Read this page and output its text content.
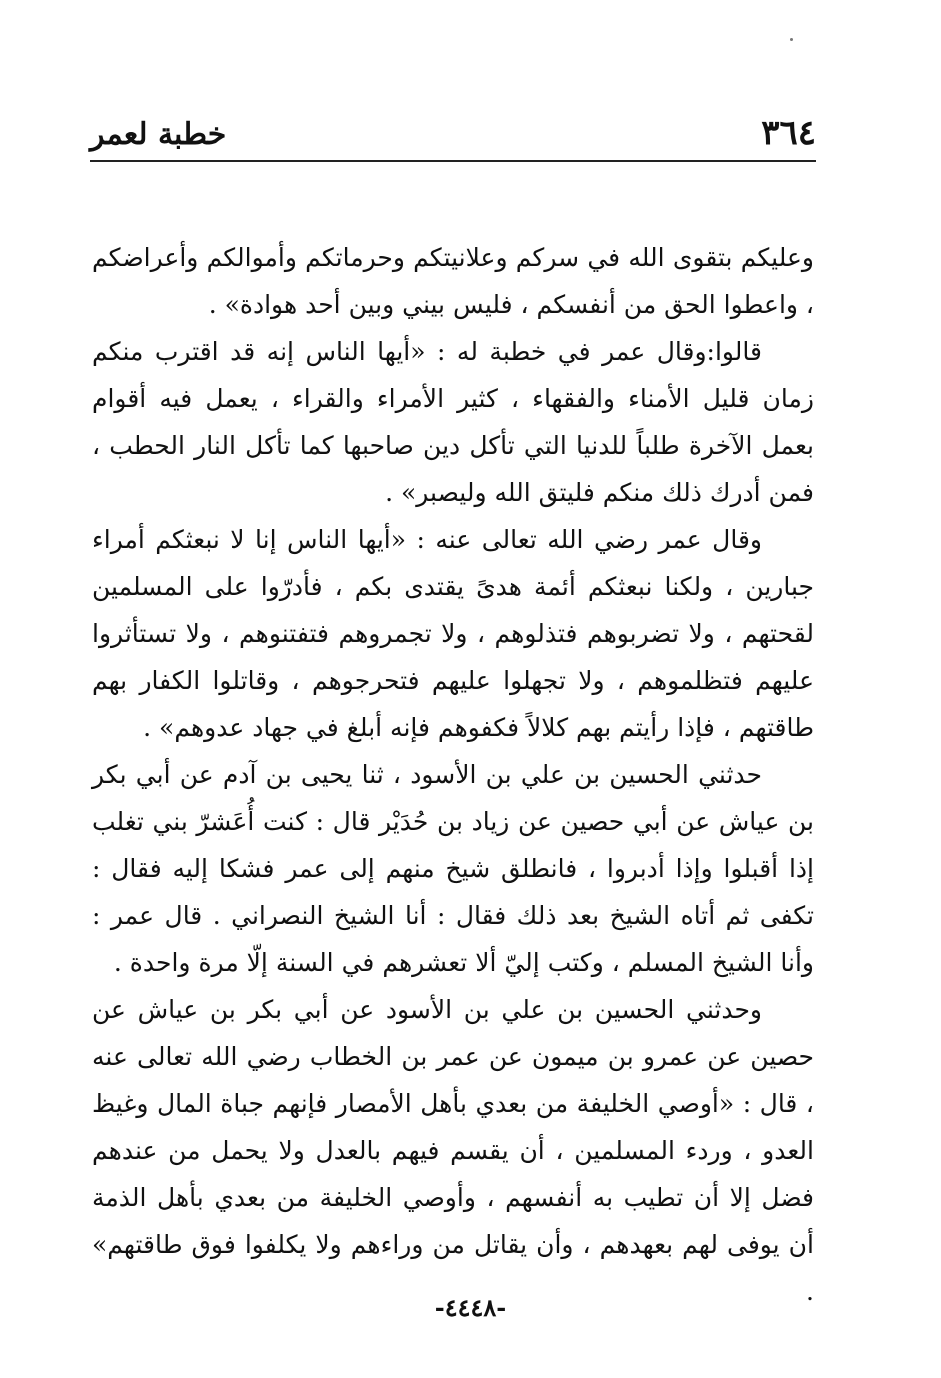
٣٦٤
خطبة لعمر

وعليكم بتقوى الله في سركم وعلانيتكم وحرماتكم وأموالكم وأعراضكم ، واعطوا الحق من أنفسكم ، فليس بيني وبين أحد هوادة» .

قالوا:وقال عمر في خطبة له : «أيها الناس إنه قد اقترب منكم زمان قليل الأمناء والفقهاء ، كثير الأمراء والقراء ، يعمل فيه أقوام بعمل الآخرة طلباً للدنيا التي تأكل دين صاحبها كما تأكل النار الحطب ، فمن أدرك ذلك منكم فليتق الله وليصبر» .

وقال عمر رضي الله تعالى عنه : «أيها الناس إنا لا نبعثكم أمراء جبارين ، ولكنا نبعثكم أئمة هدىً يقتدى بكم ، فأدرّوا على المسلمين لقحتهم ، ولا تضربوهم فتذلوهم ، ولا تجمروهم فتفتنوهم ، ولا تستأثروا عليهم فتظلموهم ، ولا تجهلوا عليهم فتحرجوهم ، وقاتلوا الكفار بهم طاقتهم ، فإذا رأيتم بهم كلالاً فكفوهم فإنه أبلغ في جهاد عدوهم» .

حدثني الحسين بن علي بن الأسود ، ثنا يحيى بن آدم عن أبي بكر بن عياش عن أبي حصين عن زياد بن حُدَيْر قال : كنت أُعَشرّ بني تغلب إذا أقبلوا وإذا أدبروا ، فانطلق شيخ منهم إلى عمر فشكا إليه فقال : تكفى ثم أتاه الشيخ بعد ذلك فقال : أنا الشيخ النصراني . قال عمر : وأنا الشيخ المسلم ، وكتب إليّ ألا تعشرهم في السنة إلّا مرة واحدة .

وحدثني الحسين بن علي بن الأسود عن أبي بكر بن عياش عن حصين عن عمرو بن ميمون عن عمر بن الخطاب رضي الله تعالى عنه ، قال : «أوصي الخليفة من بعدي بأهل الأمصار فإنهم جباة المال وغيظ العدو ، وردء المسلمين ، أن يقسم فيهم بالعدل ولا يحمل من عندهم فضل إلا أن تطيب به أنفسهم ، وأوصي الخليفة من بعدي بأهل الذمة أن يوفى لهم بعهدهم ، وأن يقاتل من وراءهم ولا يكلفوا فوق طاقتهم» .

-٤٤٤٨-
